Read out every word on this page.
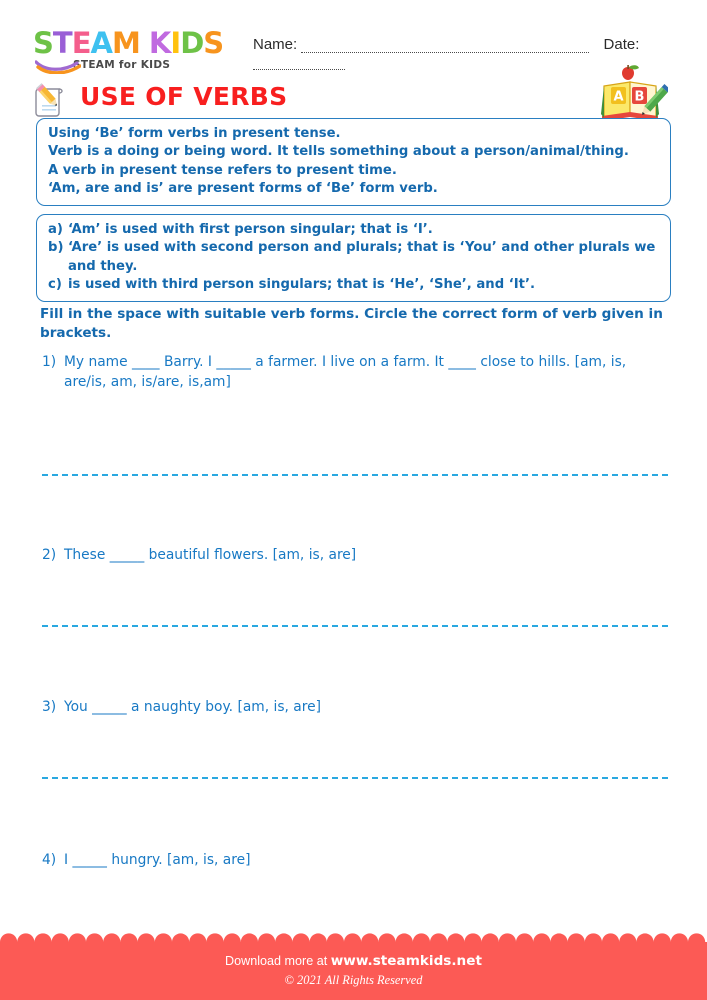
STEAM KIDS
STEAM for KIDS
Name:	Date:
USE OF VERBS	A B

Using ‘Be’ form verbs in present tense.

Verb is a doing or being word. It tells something about a person/animal/thing.

A verb in present tense refers to present time.

‘Am, are and is’ are present forms of ‘Be’ form verb.

a) ‘Am’ is used with first person singular; that is ‘I’.

b) ‘Are’ is used with second person and plurals; that is ‘You’ and other plurals we and they.

c) is used with third person singulars; that is ‘He’, ‘She’, and ‘It’.

Fill in the space with suitable verb forms. Circle the correct form of verb given in brackets.
1) My name ____ Barry. I _____ a farmer. I live on a farm. It ____ close to hills. [am, is, are/is, am, is/are, is,am]
2) These _____ beautiful flowers. [am, is, are]
3) You _____ a naughty boy. [am, is, are]
4) I _____ hungry. [am, is, are]
Download more at www.steamkids.net
© 2021 All Rights Reserved
